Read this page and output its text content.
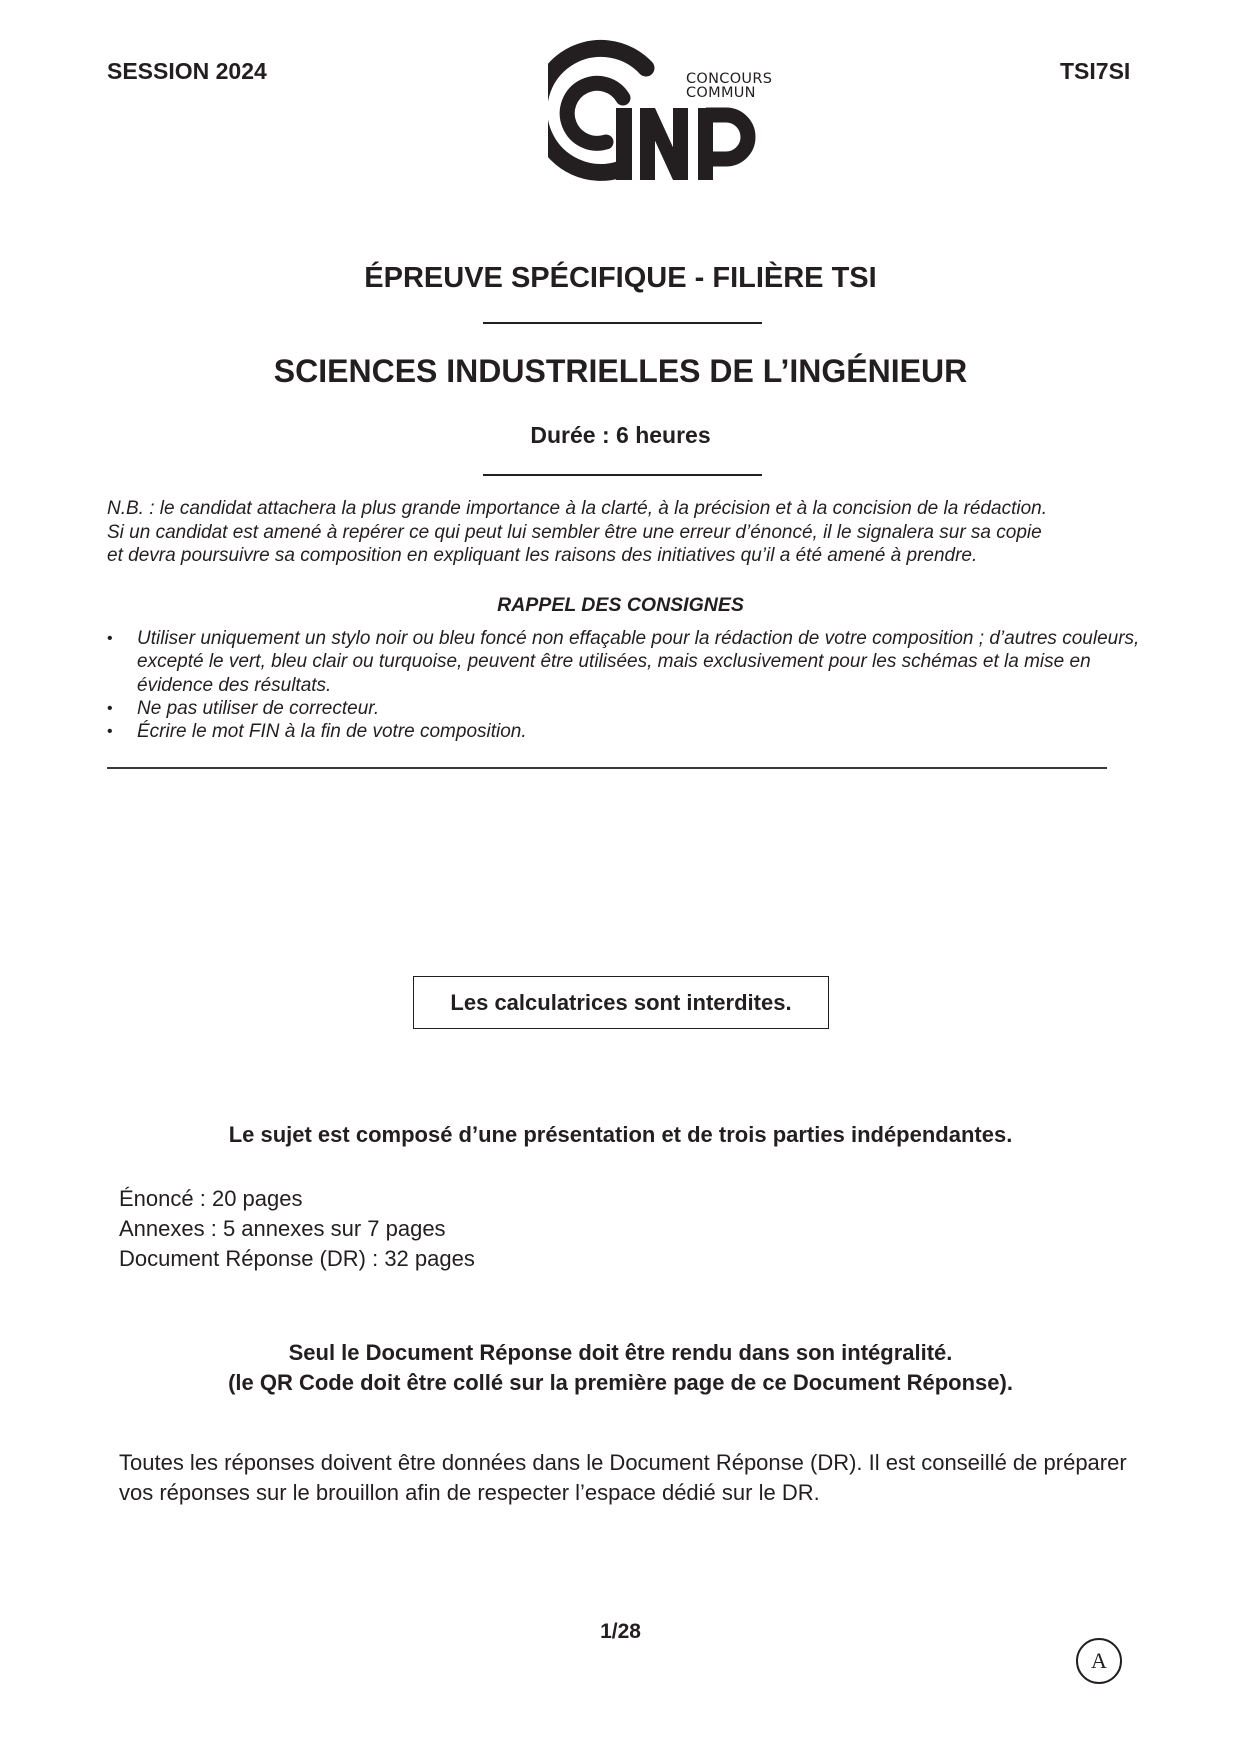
SESSION 2024	CONCOURS
COMMUN
TSI7SI
ÉPREUVE SPÉCIFIQUE - FILIÈRE TSI
SCIENCES INDUSTRIELLES DE L’INGÉNIEUR
Durée : 6 heures
N.B. : le candidat attachera la plus grande importance à la clarté, à la précision et à la concision de la rédaction.
Si un candidat est amené à repérer ce qui peut lui sembler être une erreur d’énoncé, il le signalera sur sa copie
et devra poursuivre sa composition en expliquant les raisons des initiatives qu’il a été amené à prendre.
RAPPEL DES CONSIGNES
• Utiliser uniquement un stylo noir ou bleu foncé non effaçable pour la rédaction de votre composition ; d’autres couleurs, excepté le vert, bleu clair ou turquoise, peuvent être utilisées, mais exclusivement pour les schémas et la mise en évidence des résultats.
• Ne pas utiliser de correcteur.
• Écrire le mot FIN à la fin de votre composition.
Les calculatrices sont interdites.
Le sujet est composé d’une présentation et de trois parties indépendantes.
Énoncé : 20 pages
Annexes : 5 annexes sur 7 pages
Document Réponse (DR) : 32 pages
Seul le Document Réponse doit être rendu dans son intégralité.
(le QR Code doit être collé sur la première page de ce Document Réponse).
Toutes les réponses doivent être données dans le Document Réponse (DR). Il est conseillé de préparer vos réponses sur le brouillon afin de respecter l’espace dédié sur le DR.
1/28
A
